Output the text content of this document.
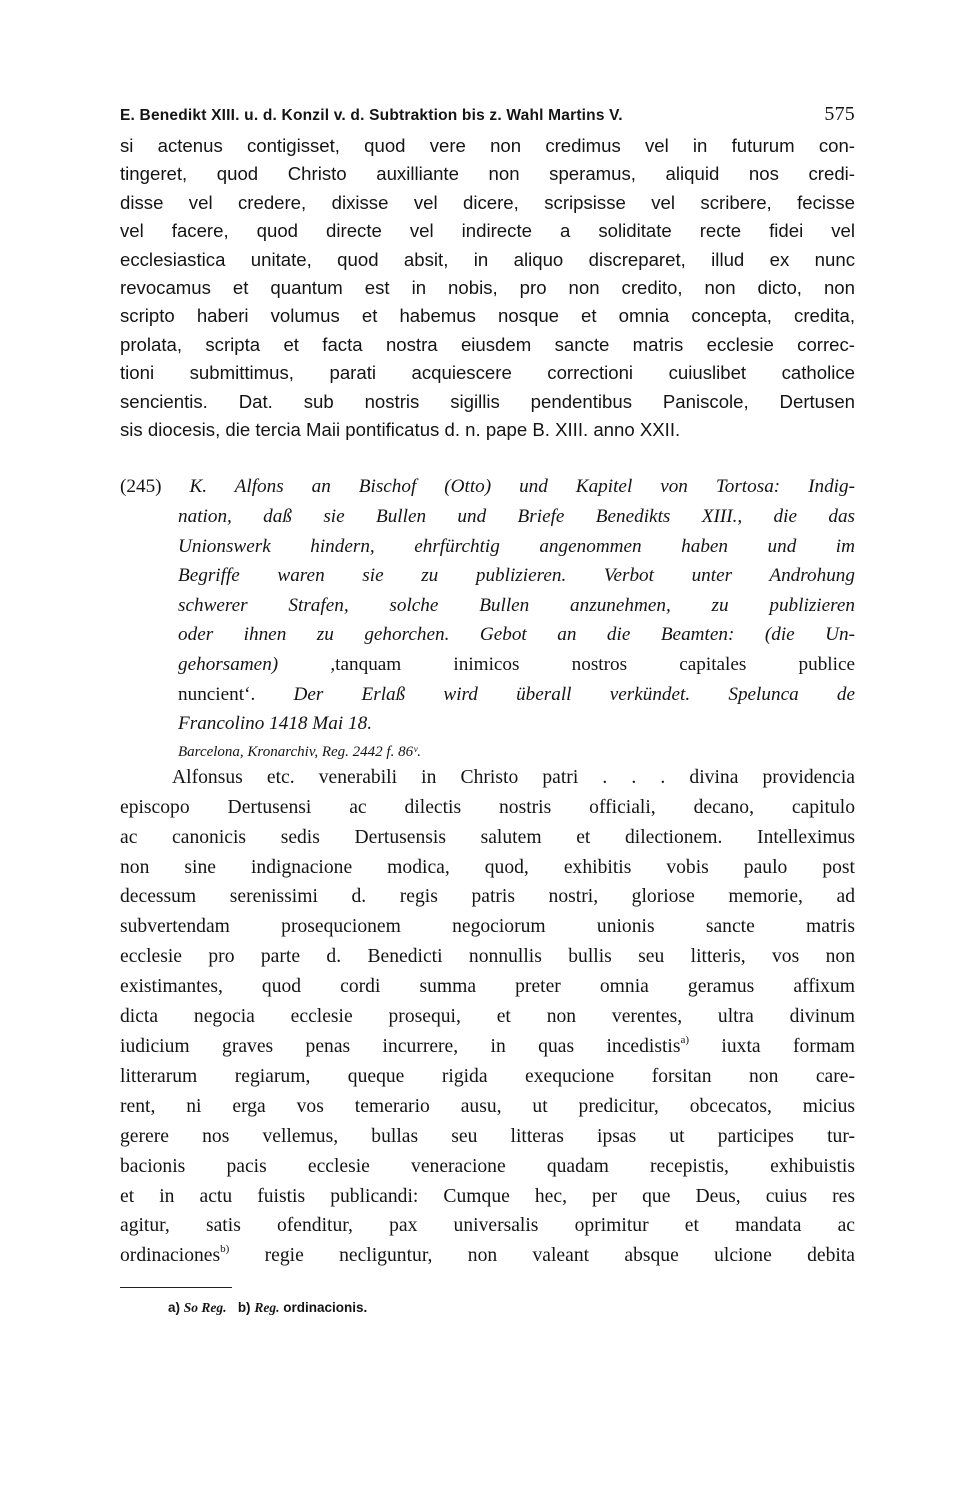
E. Benedikt XIII. u. d. Konzil v. d. Subtraktion bis z. Wahl Martins V.	575
si actenus contigisset, quod vere non credimus vel in futurum con-
tingeret, quod Christo auxilliante non speramus, aliquid nos credi-
disse vel credere, dixisse vel dicere, scripsisse vel scribere, fecisse
vel facere, quod directe vel indirecte a soliditate recte fidei vel
ecclesiastica unitate, quod absit, in aliquo discreparet, illud ex nunc
revocamus et quantum est in nobis, pro non credito, non dicto, non
scripto haberi volumus et habemus nosque et omnia concepta, credita,
prolata, scripta et facta nostra eiusdem sancte matris ecclesie correc-
tioni submittimus, parati acquiescere correctioni cuiuslibet catholice
sencientis. Dat. sub nostris sigillis pendentibus Paniscole, Dertusen
sis diocesis, die tercia Maii pontificatus d. n. pape B. XIII. anno XXII.
(245) K. Alfons an Bischof (Otto) und Kapitel von Tortosa: Indig-
nation, daß sie Bullen und Briefe Benedikts XIII., die das
Unionswerk hindern, ehrfürchtig angenommen haben und im
Begriffe waren sie zu publizieren. Verbot unter Androhung
schwerer Strafen, solche Bullen anzunehmen, zu publizieren
oder ihnen zu gehorchen. Gebot an die Beamten: (die Un-
gehorsamen)	,tanquam inimicos nostros capitales publice
nuncient‘. Der Erlaß wird überall verkündet. Spelunca de
Francolino 1418 Mai 18.
Barcelona, Kronarchiv, Reg. 2442 f. 86ᵛ.
Alfonsus etc. venerabili in Christo patri . . . divina providencia
episcopo Dertusensi ac dilectis nostris officiali, decano, capitulo
ac canonicis sedis Dertusensis salutem et dilectionem. Intelleximus
non sine indignacione modica, quod, exhibitis vobis paulo post
decessum serenissimi d. regis patris nostri, gloriose memorie, ad
subvertendam prosequcionem negociorum unionis sancte matris
ecclesie pro parte d. Benedicti nonnullis bullis seu litteris, vos non
existimantes, quod cordi summa preter omnia geramus affixum
dicta negocia ecclesie prosequi, et non verentes, ultra divinum
iudicium graves penas incurrere, in quas incedistis$^{a)}$ iuxta formam
litterarum regiarum, queque rigida exequcione forsitan non care-
rent, ni erga vos temerario ausu, ut predicitur, obcecatos, micius
gerere nos vellemus, bullas seu litteras ipsas ut participes tur-
bacionis pacis ecclesie veneracione quadam recepistis, exhibuistis
et in actu fuistis publicandi: Cumque hec, per que Deus, cuius res
agitur, satis ofenditur, pax universalis oprimitur et mandata ac
ordinaciones$^{b)}$ regie necliguntur, non valeant absque ulcione debita
a) So Reg. b) Reg. ordinacionis.
